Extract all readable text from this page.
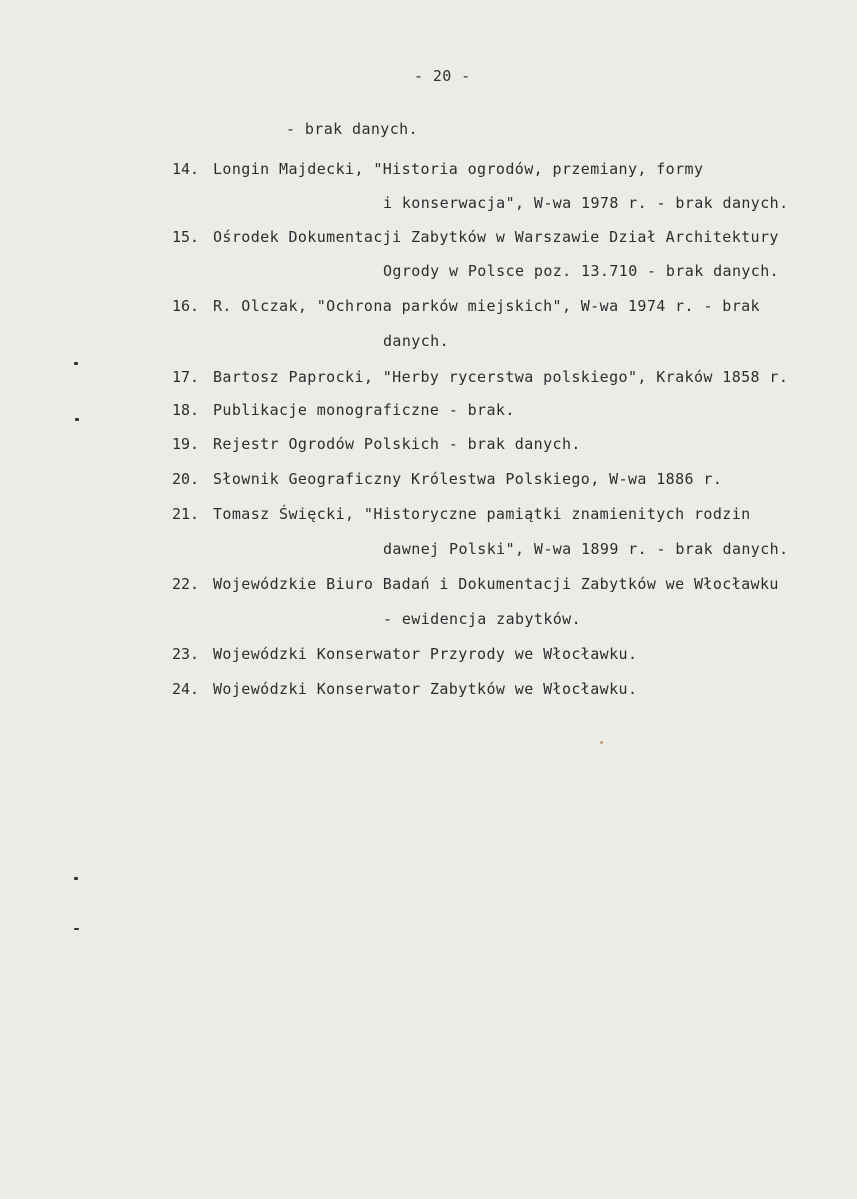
- 20 -
- brak danych.
14. Longin Majdecki, "Historia ogrodów, przemiany, formy
i konserwacja", W-wa 1978 r. - brak danych.
15. Ośrodek Dokumentacji Zabytków w Warszawie Dział Architektury
Ogrody w Polsce poz. 13.710 - brak danych.
16. R. Olczak, "Ochrona parków miejskich", W-wa 1974 r. - brak
danych.
17. Bartosz Paprocki, "Herby rycerstwa polskiego", Kraków 1858 r.
18. Publikacje monograficzne - brak.
19. Rejestr Ogrodów Polskich - brak danych.
20. Słownik Geograficzny Królestwa Polskiego, W-wa 1886 r.
21. Tomasz Święcki, "Historyczne pamiątki znamienitych rodzin
dawnej Polski", W-wa 1899 r. - brak danych.
22. Wojewódzkie Biuro Badań i Dokumentacji Zabytków we Włocławku
- ewidencja zabytków.
23. Wojewódzki Konserwator Przyrody we Włocławku.
24. Wojewódzki Konserwator Zabytków we Włocławku.
